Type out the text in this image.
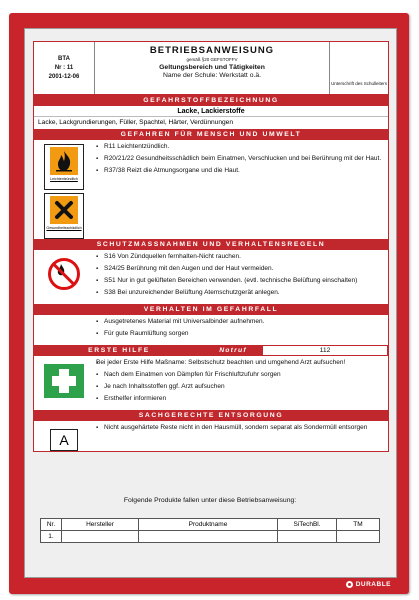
DURABLE
BTA
Nr : 11
2001-12-06
BETRIEBSANWEISUNG
gemäß §20 GEFSTOFFV
Geltungsbereich und Tätigkeiten
Name der Schule: Werkstatt o.ä.
Unterschrift des Schulleiters
GEFAHRSTOFFBEZEICHNUNG
Lacke, Lackierstoffe
Lacke, Lackgrundierungen, Füller, Spachtel, Härter, Verdünnungen
GEFAHREN FÜR MENSCH UND UMWELT
Leichtentzündlich
Gesundheitsschädlich
▪ R11 Leichtentzündlich.
▪ R20/21/22 Gesundheitsschädlich beim Einatmen, Verschlucken und bei Berührung mit der Haut.
▪ R37/38 Reizt die Atmungsorgane und die Haut.
SCHUTZMASSNAHMEN UND VERHALTENSREGELN
▪ S16 Von Zündquellen fernhalten-Nicht rauchen.
▪ S24/25 Berührung mit den Augen und der Haut vermeiden.
▪ S51 Nur in gut gelüfteten Bereichen verwenden. (evtl. technische Belüftung einschalten)
▪ S38 Bei unzureichender Belüftung Atemschutzgerät anlegen.
VERHALTEN IM GEFAHRFALL
▪ Ausgetretenes Material mit Universalbinder aufnehmen.
▪ Für gute Raumlüftung sorgen
ERSTE HILFE	Notruf	112
▪ Bei jeder Erste Hilfe Maßname: Selbstschutz beachten und umgehend Arzt aufsuchen!
▪ Nach dem Einatmen von Dämpfen für Frischluftzufuhr sorgen
▪ Je nach Inhaltsstoffen ggf. Arzt aufsuchen
▪ Ersthelfer informieren
SACHGERECHTE ENTSORGUNG
A
▪ Nicht ausgehärtete Reste nicht in den Hausmüll, sondern separat als Sondermüll entsorgen
Folgende Produkte fallen unter diese Betriebsanweisung:
Nr.	Hersteller	Produktname	SiTechBl.	TM
1.				
